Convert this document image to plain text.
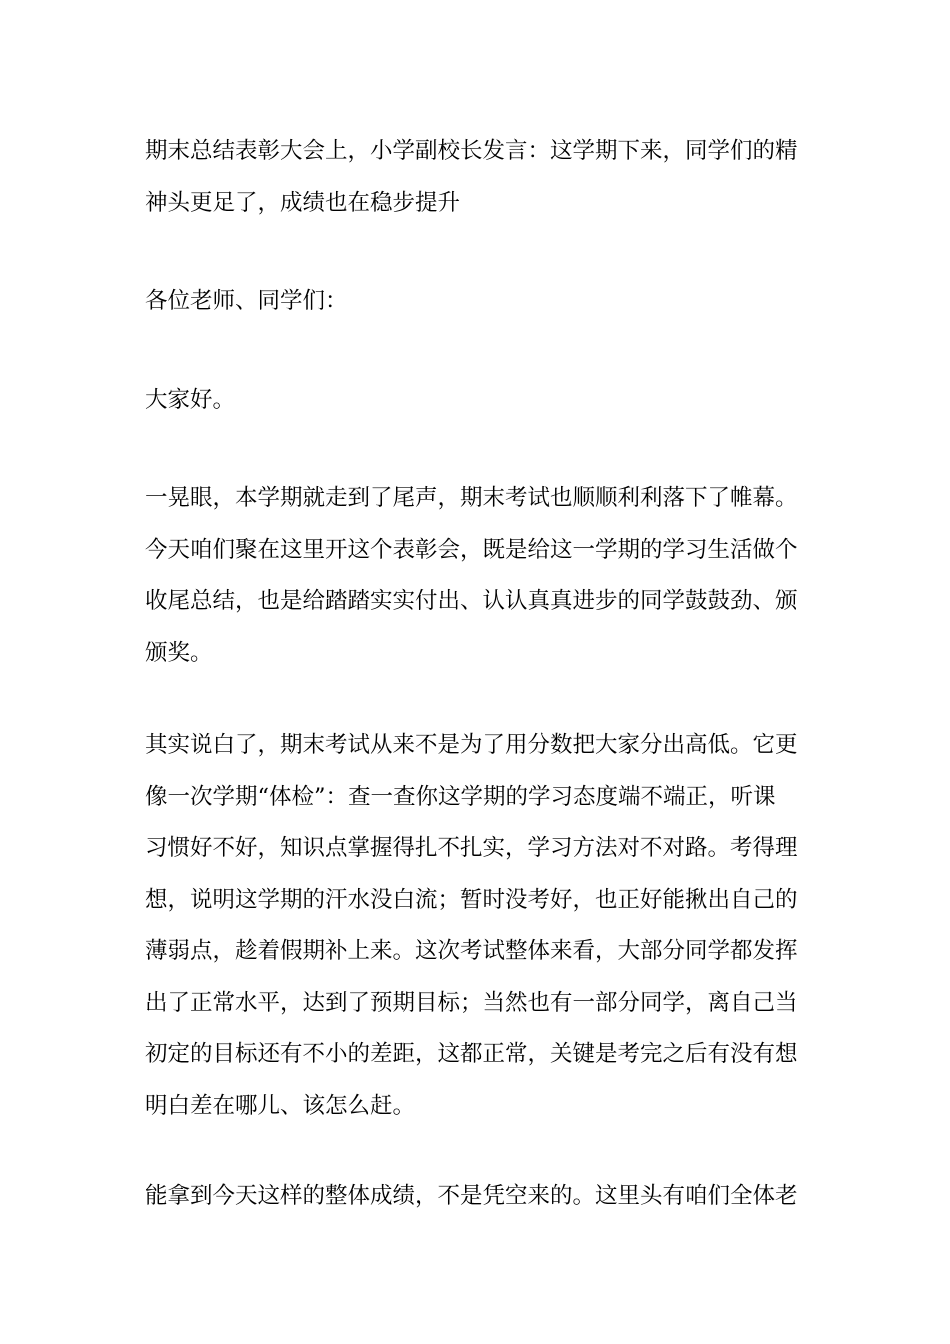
期末总结表彰大会上，小学副校长发言：这学期下来，同学们的精
神头更足了，成绩也在稳步提升
各位老师、同学们：
大家好。
一晃眼，本学期就走到了尾声，期末考试也顺顺利利落下了帷幕。
今天咱们聚在这里开这个表彰会，既是给这一学期的学习生活做个
收尾总结，也是给踏踏实实付出、认认真真进步的同学鼓鼓劲、颁
颁奖。
其实说白了，期末考试从来不是为了用分数把大家分出高低。它更
像一次学期“体检”：查一查你这学期的学习态度端不端正，听课
习惯好不好，知识点掌握得扎不扎实，学习方法对不对路。考得理
想，说明这学期的汗水没白流；暂时没考好，也正好能揪出自己的
薄弱点，趁着假期补上来。这次考试整体来看，大部分同学都发挥
出了正常水平，达到了预期目标；当然也有一部分同学，离自己当
初定的目标还有不小的差距，这都正常，关键是考完之后有没有想
明白差在哪儿、该怎么赶。
能拿到今天这样的整体成绩，不是凭空来的。这里头有咱们全体老
